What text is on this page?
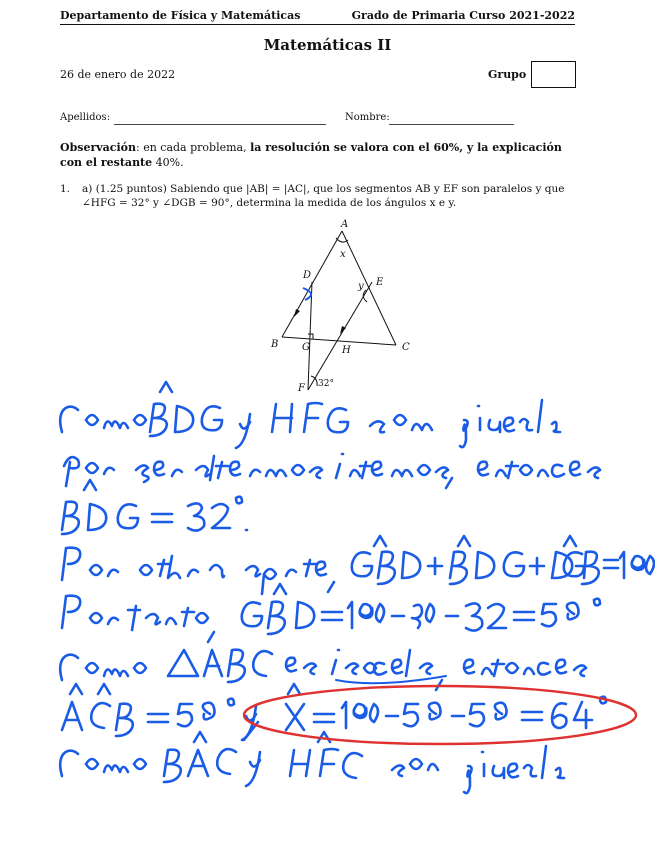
Departamento de Física y Matemáticas	Grado de Primaria Curso 2021-2022
Matemáticas II
26 de enero de 2022	Grupo
Apellidos:	Nombre:
Observación: en cada problema, la resolución se valora con el 60%, y la explicación con el restante 40%.
1. a) (1.25 puntos) Sabiendo que |AB| = |AC|, que los segmentos AB y EF son paralelos y que ∠HFG = 32° y ∠DGB = 90°, determina la medida de los ángulos x e y.
A
D
E
B G	H	C
F
x
y
32°
